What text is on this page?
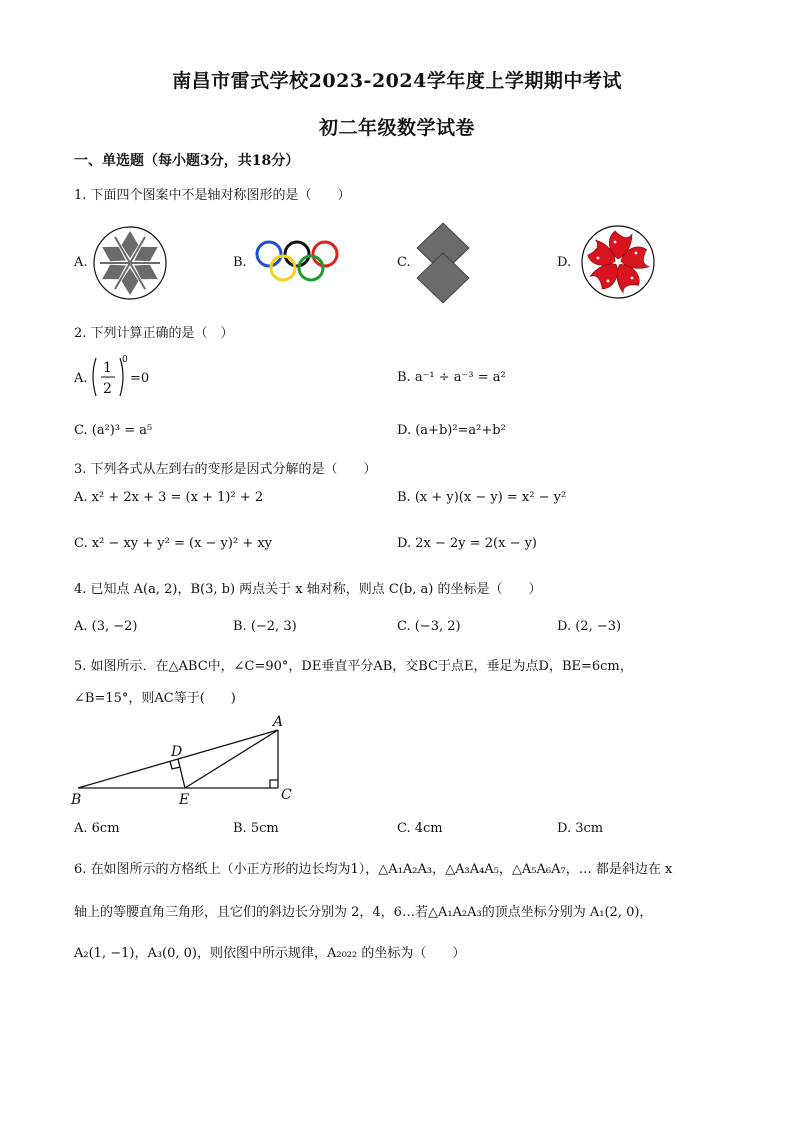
南昌市雷式学校2023-2024学年度上学期期中考试
初二年级数学试卷
一、单选题（每小题3分，共18分）
1. 下面四个图案中不是轴对称图形的是（　　）
A.	B.	C.	D.
2. 下列计算正确的是（　）
A.
1
2
0
=0	B. a⁻¹ ÷ a⁻³ = a²
C. (a²)³ = a⁵	D. (a+b)²=a²+b²
3. 下列各式从左到右的变形是因式分解的是（　　）
A. x² + 2x + 3 = (x + 1)² + 2	B. (x + y)(x − y) = x² − y²
C. x² − xy + y² = (x − y)² + xy	D. 2x − 2y = 2(x − y)
4. 已知点 A(a, 2)，B(3, b) 两点关于 x 轴对称，则点 C(b, a) 的坐标是（　　）
A. (3, −2)	B. (−2, 3)	C. (−3, 2)	D. (2, −3)
5. 如图所示．在△ABC中，∠C=90°，DE垂直平分AB，交BC于点E，垂足为点D，BE=6cm，
∠B=15°，则AC等于(　　)
A
B	C
D
E
A. 6cm	B. 5cm	C. 4cm	D. 3cm
6. 在如图所示的方格纸上（小正方形的边长均为1），△A₁A₂A₃，△A₃A₄A₅，△A₅A₆A₇，… 都是斜边在 x
轴上的等腰直角三角形，且它们的斜边长分别为 2，4，6…若△A₁A₂A₃的顶点坐标分别为 A₁(2, 0)，
A₂(1, −1)，A₃(0, 0)，则依图中所示规律，A₂₀₂₂ 的坐标为（　　）
